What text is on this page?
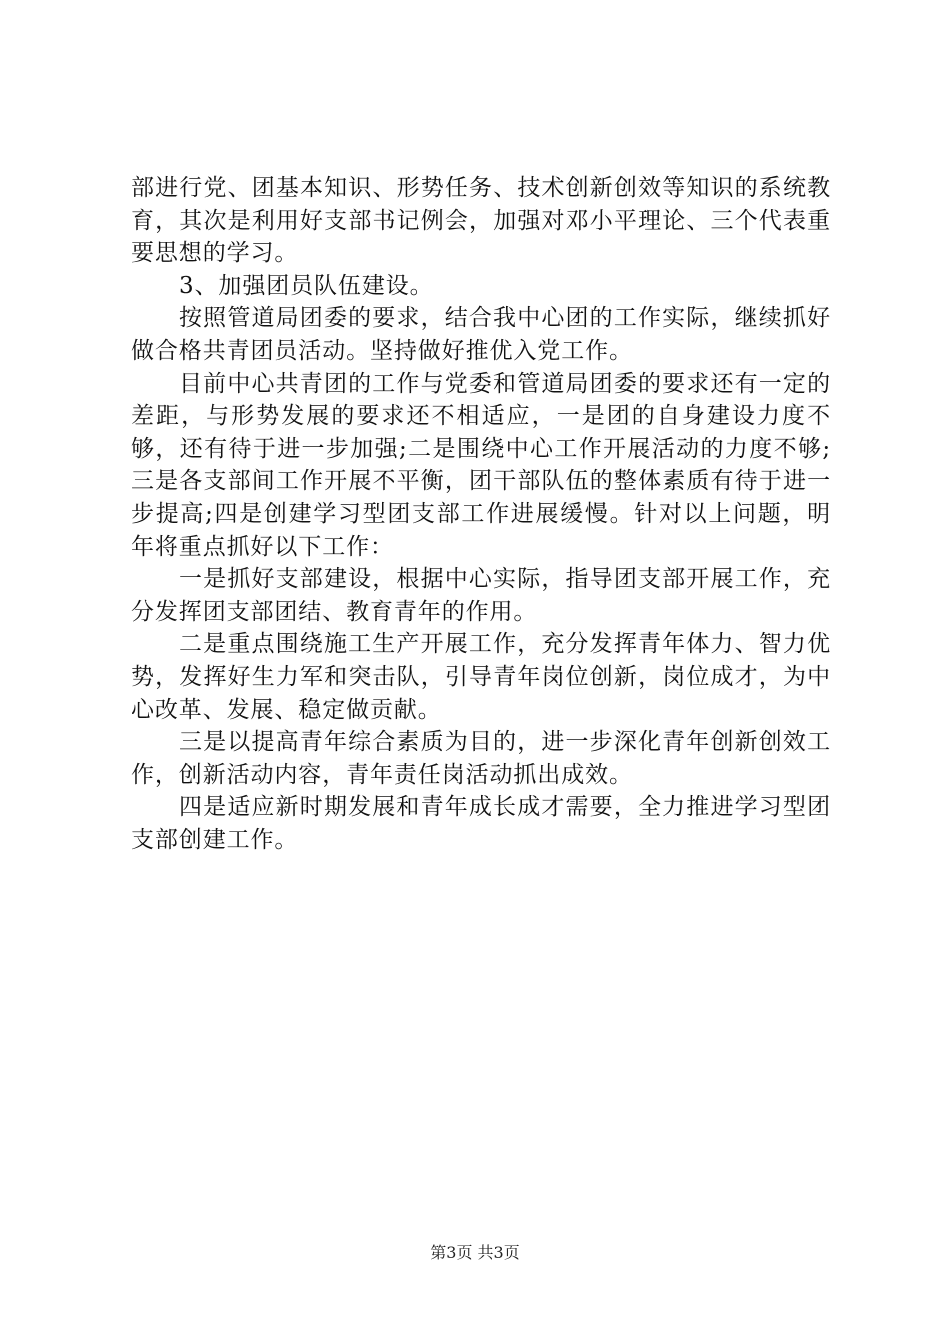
部进行党、团基本知识、形势任务、技术创新创效等知识的系统教育，其次是利用好支部书记例会，加强对邓小平理论、三个代表重要思想的学习。

3、加强团员队伍建设。

按照管道局团委的要求，结合我中心团的工作实际，继续抓好做合格共青团员活动。坚持做好推优入党工作。

目前中心共青团的工作与党委和管道局团委的要求还有一定的差距，与形势发展的要求还不相适应，一是团的自身建设力度不够，还有待于进一步加强;二是围绕中心工作开展活动的力度不够;三是各支部间工作开展不平衡，团干部队伍的整体素质有待于进一步提高;四是创建学习型团支部工作进展缓慢。针对以上问题，明年将重点抓好以下工作：

一是抓好支部建设，根据中心实际，指导团支部开展工作，充分发挥团支部团结、教育青年的作用。

二是重点围绕施工生产开展工作，充分发挥青年体力、智力优势，发挥好生力军和突击队，引导青年岗位创新，岗位成才，为中心改革、发展、稳定做贡献。

三是以提高青年综合素质为目的，进一步深化青年创新创效工作，创新活动内容，青年责任岗活动抓出成效。

四是适应新时期发展和青年成长成才需要，全力推进学习型团支部创建工作。

第3页 共3页
